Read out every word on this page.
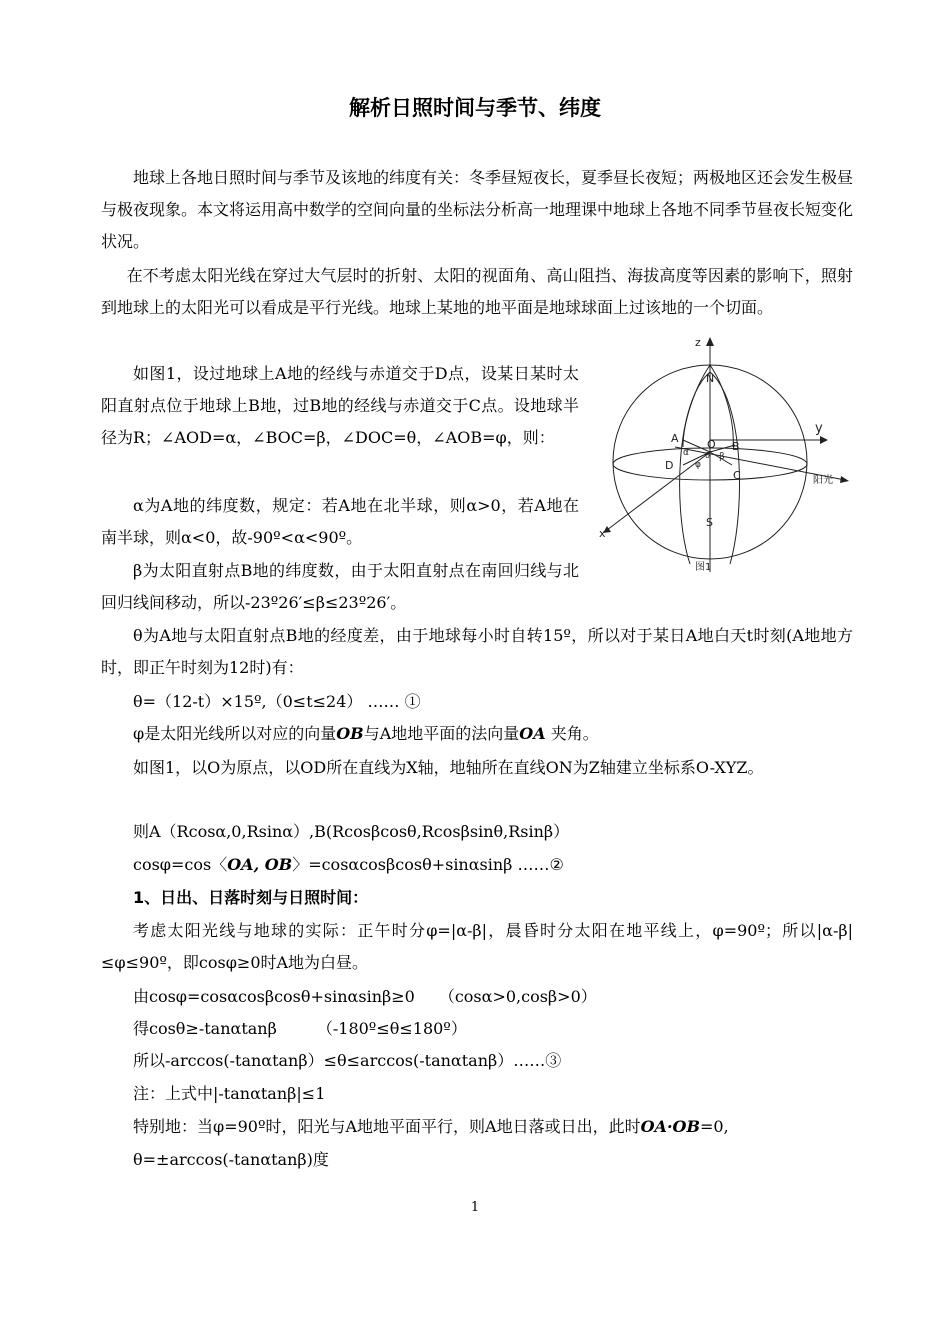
解析日照时间与季节、纬度
地球上各地日照时间与季节及该地的纬度有关：冬季昼短夜长，夏季昼长夜短；两极地区还会发生极昼与极夜现象。本文将运用高中数学的空间向量的坐标法分析高一地理课中地球上各地不同季节昼夜长短变化状况。
在不考虑太阳光线在穿过大气层时的折射、太阳的视面角、高山阻挡、海拔高度等因素的影响下，照射到地球上的太阳光可以看成是平行光线。地球上某地的地平面是地球球面上过该地的一个切面。
如图1，设过地球上A地的经线与赤道交于D点，设某日某时太阳直射点位于地球上B地，过B地的经线与赤道交于C点。设地球半径为R；∠AOD=α，∠BOC=β，∠DOC=θ，∠AOB=φ，则：
α为A地的纬度数，规定：若A地在北半球，则α>0，若A地在南半球，则α<0，故-90º<α<90º。
β为太阳直射点B地的纬度数，由于太阳直射点在南回归线与北回归线间移动，所以-23º26′≤β≤23º26′。
θ为A地与太阳直射点B地的经度差，由于地球每小时自转15º，所以对于某日A地白天t时刻(A地地方时，即正午时刻为12时)有：
θ=（12-t）×15º,（0≤t≤24） …… ①
φ是太阳光线所以对应的向量OB与A地地平面的法向量OA 夹角。
如图1，以O为原点，以OD所在直线为X轴，地轴所在直线ON为Z轴建立坐标系O-XYZ。
则A（Rcosα,0,Rsinα）,B(Rcosβcosθ,Rcosβsinθ,Rsinβ）
cosφ=cos〈OA, OB〉=cosαcosβcosθ+sinαsinβ ……②
1、日出、日落时刻与日照时间：
考虑太阳光线与地球的实际：正午时分φ=|α-β|，晨昏时分太阳在地平线上，φ=90º；所以|α-β|≤φ≤90º，即cosφ≥0时A地为白昼。
由cosφ=cosαcosβcosθ+sinαsinβ≥0　　（cosα>0,cosβ>0）
得cosθ≥-tanαtanβ　　　（-180º≤θ≤180º）
所以-arccos(-tanαtanβ）≤θ≤arccos(-tanαtanβ）……③
注：上式中|-tanαtanβ|≤1
特别地：当φ=90º时，阳光与A地地平面平行，则A地日落或日出，此时OA·OB=0,
θ=±arccos(-tanαtanβ)度
z
y
x
N
S
O
A
B
C
D
α	β
θ
φ
阳光
图1
1
